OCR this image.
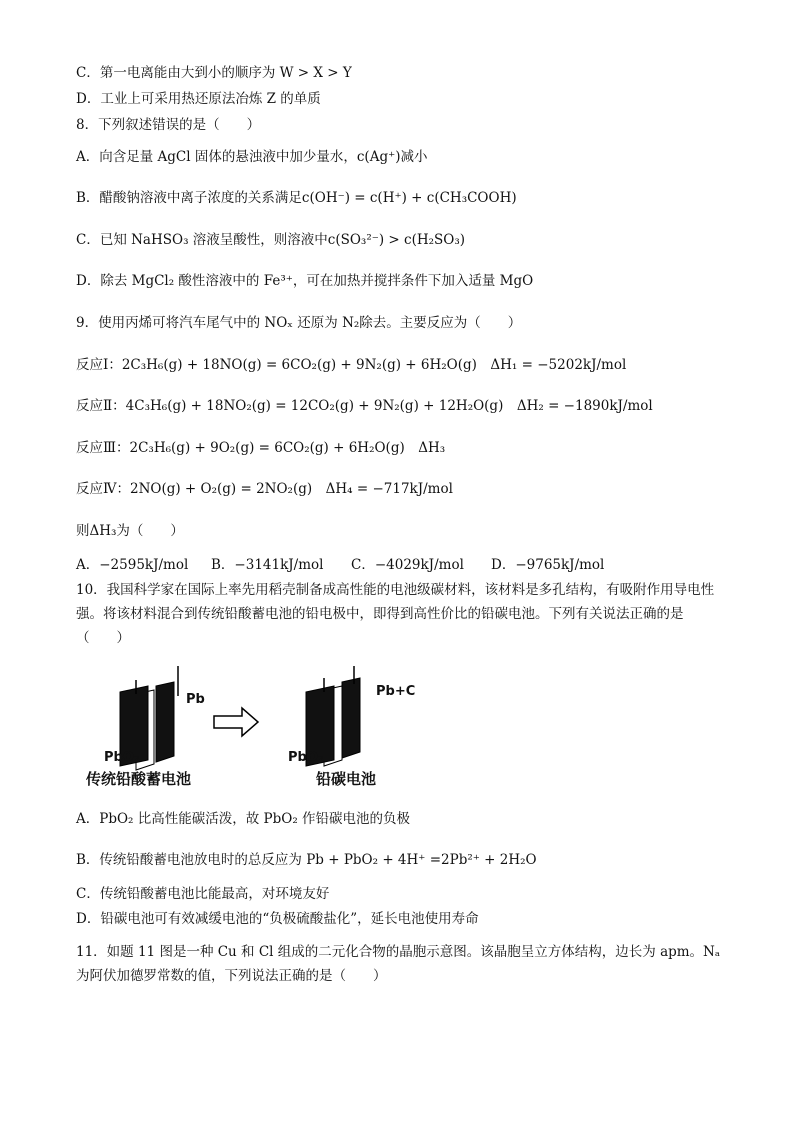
C．第一电离能由大到小的顺序为 W > X > Y
D．工业上可采用热还原法冶炼 Z 的单质
8．下列叙述错误的是（　　）
A．向含足量 AgCl 固体的悬浊液中加少量水，c(Ag⁺)减小
B．醋酸钠溶液中离子浓度的关系满足c(OH⁻) = c(H⁺) + c(CH₃COOH)
C．已知 NaHSO₃ 溶液呈酸性，则溶液中c(SO₃²⁻) > c(H₂SO₃)
D．除去 MgCl₂ 酸性溶液中的 Fe³⁺，可在加热并搅拌条件下加入适量 MgO
9．使用丙烯可将汽车尾气中的 NOₓ 还原为 N₂除去。主要反应为（　　）
反应Ⅰ：2C₃H₆(g) + 18NO(g) = 6CO₂(g) + 9N₂(g) + 6H₂O(g)　ΔH₁ = −5202kJ/mol
反应Ⅱ：4C₃H₆(g) + 18NO₂(g) = 12CO₂(g) + 9N₂(g) + 12H₂O(g)　ΔH₂ = −1890kJ/mol
反应Ⅲ：2C₃H₆(g) + 9O₂(g) = 6CO₂(g) + 6H₂O(g)　ΔH₃
反应Ⅳ：2NO(g) + O₂(g) = 2NO₂(g)　ΔH₄ = −717kJ/mol
则ΔH₃为（　　）
A．−2595kJ/mol B．−3141kJ/mol C．−4029kJ/mol D．−9765kJ/mol
10．我国科学家在国际上率先用稻壳制备成高性能的电池级碳材料，该材料是多孔结构，有吸附作用导电性强。将该材料混合到传统铅酸蓄电池的铅电极中，即得到高性价比的铅碳电池。下列有关说法正确的是（　　）
Pb
PbO₂
传统铅酸蓄电池
Pb+C
PbO₂
铅碳电池
A．PbO₂ 比高性能碳活泼，故 PbO₂ 作铅碳电池的负极
B．传统铅酸蓄电池放电时的总反应为 Pb + PbO₂ + 4H⁺ =2Pb²⁺ + 2H₂O
C．传统铅酸蓄电池比能最高，对环境友好
D．铅碳电池可有效减缓电池的“负极硫酸盐化”，延长电池使用寿命
11．如题 11 图是一种 Cu 和 Cl 组成的二元化合物的晶胞示意图。该晶胞呈立方体结构，边长为 apm。Nₐ 为阿伏加德罗常数的值，下列说法正确的是（　　）
